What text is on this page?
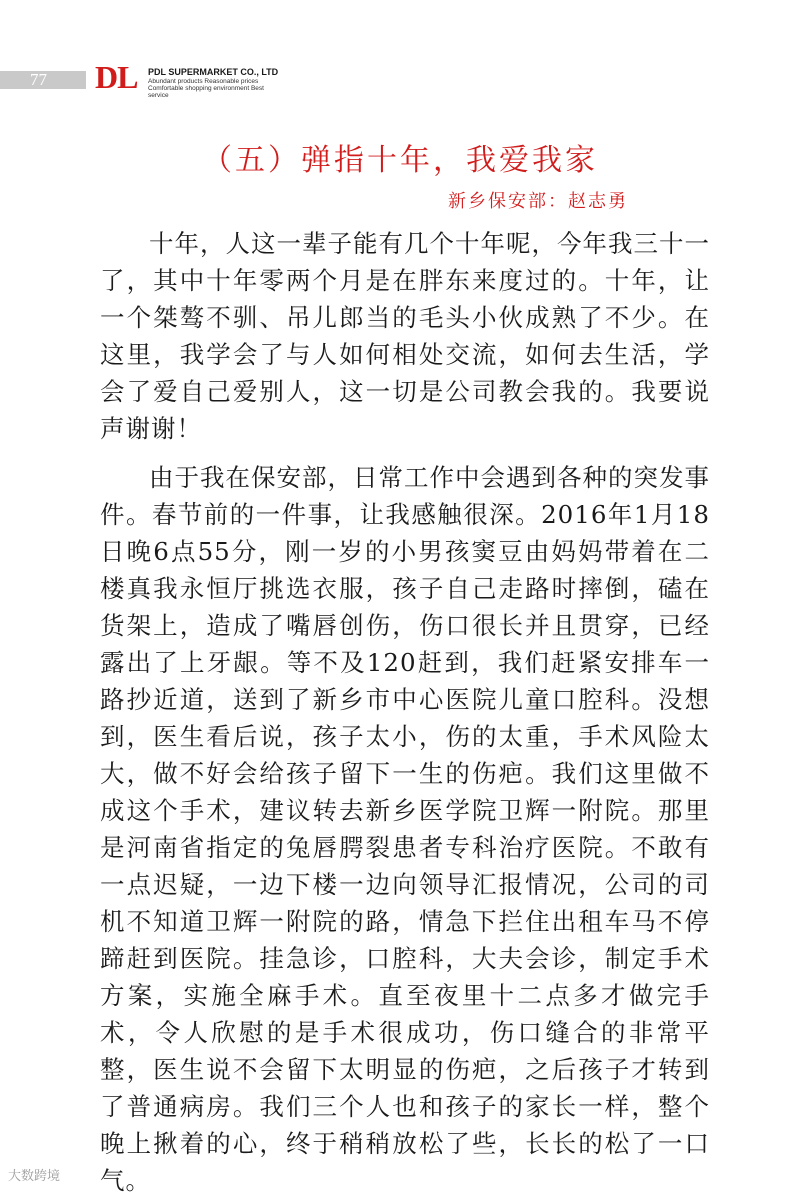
77 DL PDL SUPERMARKET CO., LTD
Abundant products Reasonable prices Comfortable shopping environment Best service
（五）弹指十年，我爱我家
新乡保安部：赵志勇

十年，人这一辈子能有几个十年呢，今年我三十一了，其中十年零两个月是在胖东来度过的。十年，让一个桀骜不驯、吊儿郎当的毛头小伙成熟了不少。在这里，我学会了与人如何相处交流，如何去生活，学会了爱自己爱别人，这一切是公司教会我的。我要说声谢谢！

由于我在保安部，日常工作中会遇到各种的突发事件。春节前的一件事，让我感触很深。2016年1月18日晚6点55分，刚一岁的小男孩窦豆由妈妈带着在二楼真我永恒厅挑选衣服，孩子自己走路时摔倒，磕在货架上，造成了嘴唇创伤，伤口很长并且贯穿，已经露出了上牙龈。等不及120赶到，我们赶紧安排车一路抄近道，送到了新乡市中心医院儿童口腔科。没想到，医生看后说，孩子太小，伤的太重，手术风险太大，做不好会给孩子留下一生的伤疤。我们这里做不成这个手术，建议转去新乡医学院卫辉一附院。那里是河南省指定的兔唇腭裂患者专科治疗医院。不敢有一点迟疑，一边下楼一边向领导汇报情况，公司的司机不知道卫辉一附院的路，情急下拦住出租车马不停蹄赶到医院。挂急诊，口腔科，大夫会诊，制定手术方案，实施全麻手术。直至夜里十二点多才做完手术，令人欣慰的是手术很成功，伤口缝合的非常平整，医生说不会留下太明显的伤疤，之后孩子才转到了普通病房。我们三个人也和孩子的家长一样，整个晚上揪着的心，终于稍稍放松了些，长长的松了一口气。

大数跨境
